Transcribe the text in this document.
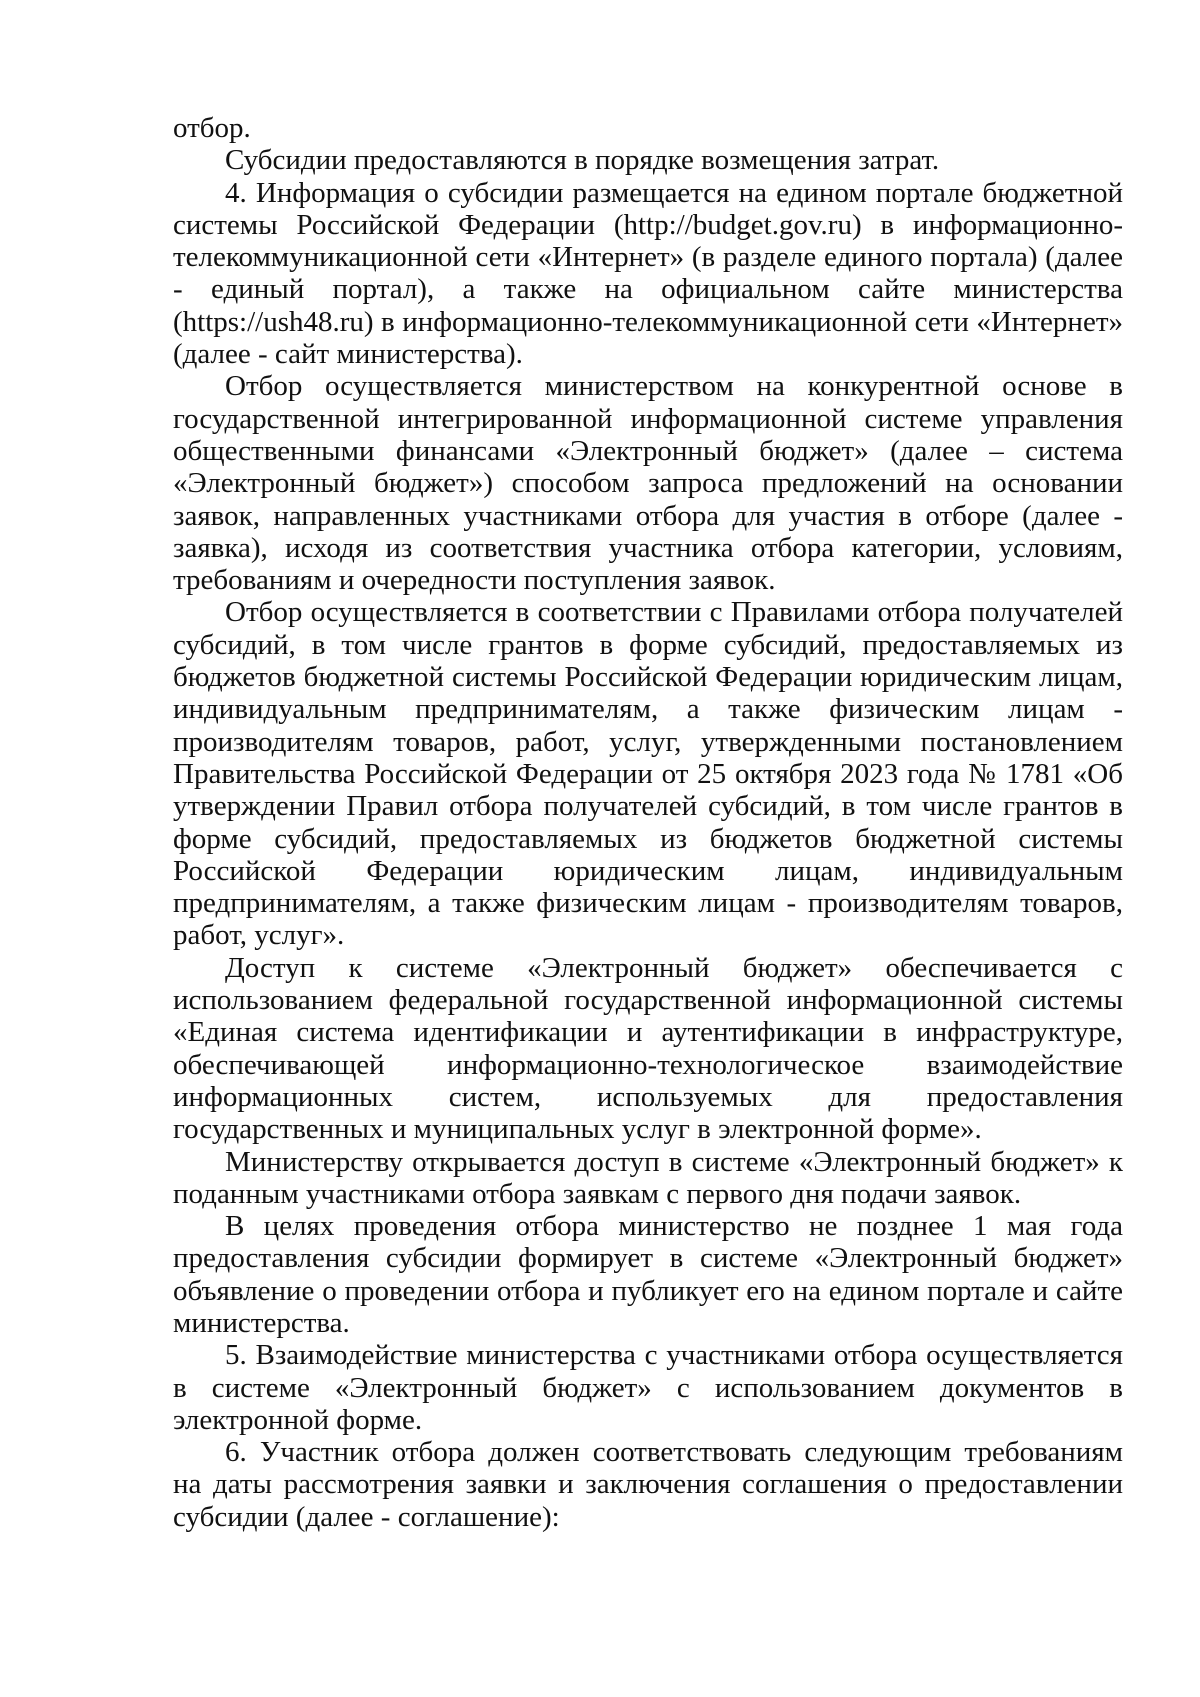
отбор.

Субсидии предоставляются в порядке возмещения затрат.

4. Информация о субсидии размещается на едином портале бюджетной системы Российской Федерации (http://budget.gov.ru) в информационно-телекоммуникационной сети «Интернет» (в разделе единого портала) (далее - единый портал), а также на официальном сайте министерства (https://ush48.ru) в информационно-телекоммуникационной сети «Интернет» (далее - сайт министерства).

Отбор осуществляется министерством на конкурентной основе в государственной интегрированной информационной системе управления общественными финансами «Электронный бюджет» (далее – система «Электронный бюджет») способом запроса предложений на основании заявок, направленных участниками отбора для участия в отборе (далее - заявка), исходя из соответствия участника отбора категории, условиям, требованиям и очередности поступления заявок.

Отбор осуществляется в соответствии с Правилами отбора получателей субсидий, в том числе грантов в форме субсидий, предоставляемых из бюджетов бюджетной системы Российской Федерации юридическим лицам, индивидуальным предпринимателям, а также физическим лицам - производителям товаров, работ, услуг, утвержденными постановлением Правительства Российской Федерации от 25 октября 2023 года № 1781 «Об утверждении Правил отбора получателей субсидий, в том числе грантов в форме субсидий, предоставляемых из бюджетов бюджетной системы Российской Федерации юридическим лицам, индивидуальным предпринимателям, а также физическим лицам - производителям товаров, работ, услуг».

Доступ к системе «Электронный бюджет» обеспечивается с использованием федеральной государственной информационной системы «Единая система идентификации и аутентификации в инфраструктуре, обеспечивающей информационно-технологическое взаимодействие информационных систем, используемых для предоставления государственных и муниципальных услуг в электронной форме».

Министерству открывается доступ в системе «Электронный бюджет» к поданным участниками отбора заявкам с первого дня подачи заявок.

В целях проведения отбора министерство не позднее 1 мая года предоставления субсидии формирует в системе «Электронный бюджет» объявление о проведении отбора и публикует его на едином портале и сайте министерства.

5. Взаимодействие министерства с участниками отбора осуществляется в системе «Электронный бюджет» с использованием документов в электронной форме.

6. Участник отбора должен соответствовать следующим требованиям на даты рассмотрения заявки и заключения соглашения о предоставлении субсидии (далее - соглашение):
